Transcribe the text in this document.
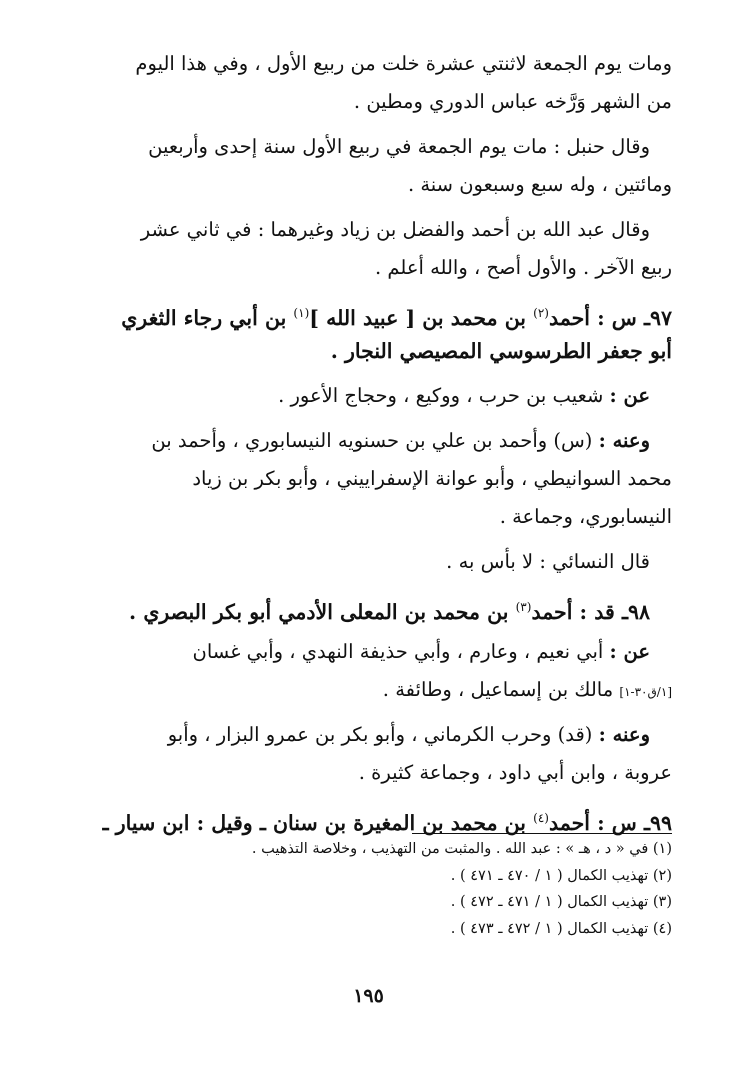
ومات يوم الجمعة لاثنتي عشرة خلت من ربيع الأول ، وفي هذا اليوم
من الشهر وَرَّخه عباس الدوري ومطين .
وقال حنبل : مات يوم الجمعة في ربيع الأول سنة إحدى وأربعين
ومائتين ، وله سبع وسبعون سنة .
وقال عبد الله بن أحمد والفضل بن زياد وغيرهما : في ثاني عشر
ربيع الآخر . والأول أصح ، والله أعلم .
٩٧ـ س : أحمد$^{(٢)}$ بن محمد بن [ عبيد الله ]$^{(١)}$ بن أبي رجاء الثغري
أبو جعفر الطرسوسي المصيصي النجار .
عن : شعيب بن حرب ، ووكيع ، وحجاج الأعور .
وعنه : (س) وأحمد بن علي بن حسنويه النيسابوري ، وأحمد بن
محمد السوانيطي ، وأبو عوانة الإسفراييني ، وأبو بكر بن زياد
النيسابوري، وجماعة .
قال النسائي : لا بأس به .
٩٨ـ قد : أحمد$^{(٣)}$ بن محمد بن المعلى الأدمي أبو بكر البصري .
عن : أبي نعيم ، وعارم ، وأبي حذيفة النهدي ، وأبي غسان
[١/ق٣٠-١] مالك بن إسماعيل ، وطائفة .
وعنه : (قد) وحرب الكرماني ، وأبو بكر بن عمرو البزار ، وأبو
عروبة ، وابن أبي داود ، وجماعة كثيرة .
٩٩ـ س : أحمد$^{(٤)}$ بن محمد بن المغيرة بن سنان ـ وقيل : ابن سيار ـ
(١) في « د ، هـ » : عبد الله . والمثبت من التهذيب ، وخلاصة التذهيب .
(٢) تهذيب الكمال ( ١ / ٤٧٠ ـ ٤٧١ ) .
(٣) تهذيب الكمال ( ١ / ٤٧١ ـ ٤٧٢ ) .
(٤) تهذيب الكمال ( ١ / ٤٧٢ ـ ٤٧٣ ) .
١٩٥
